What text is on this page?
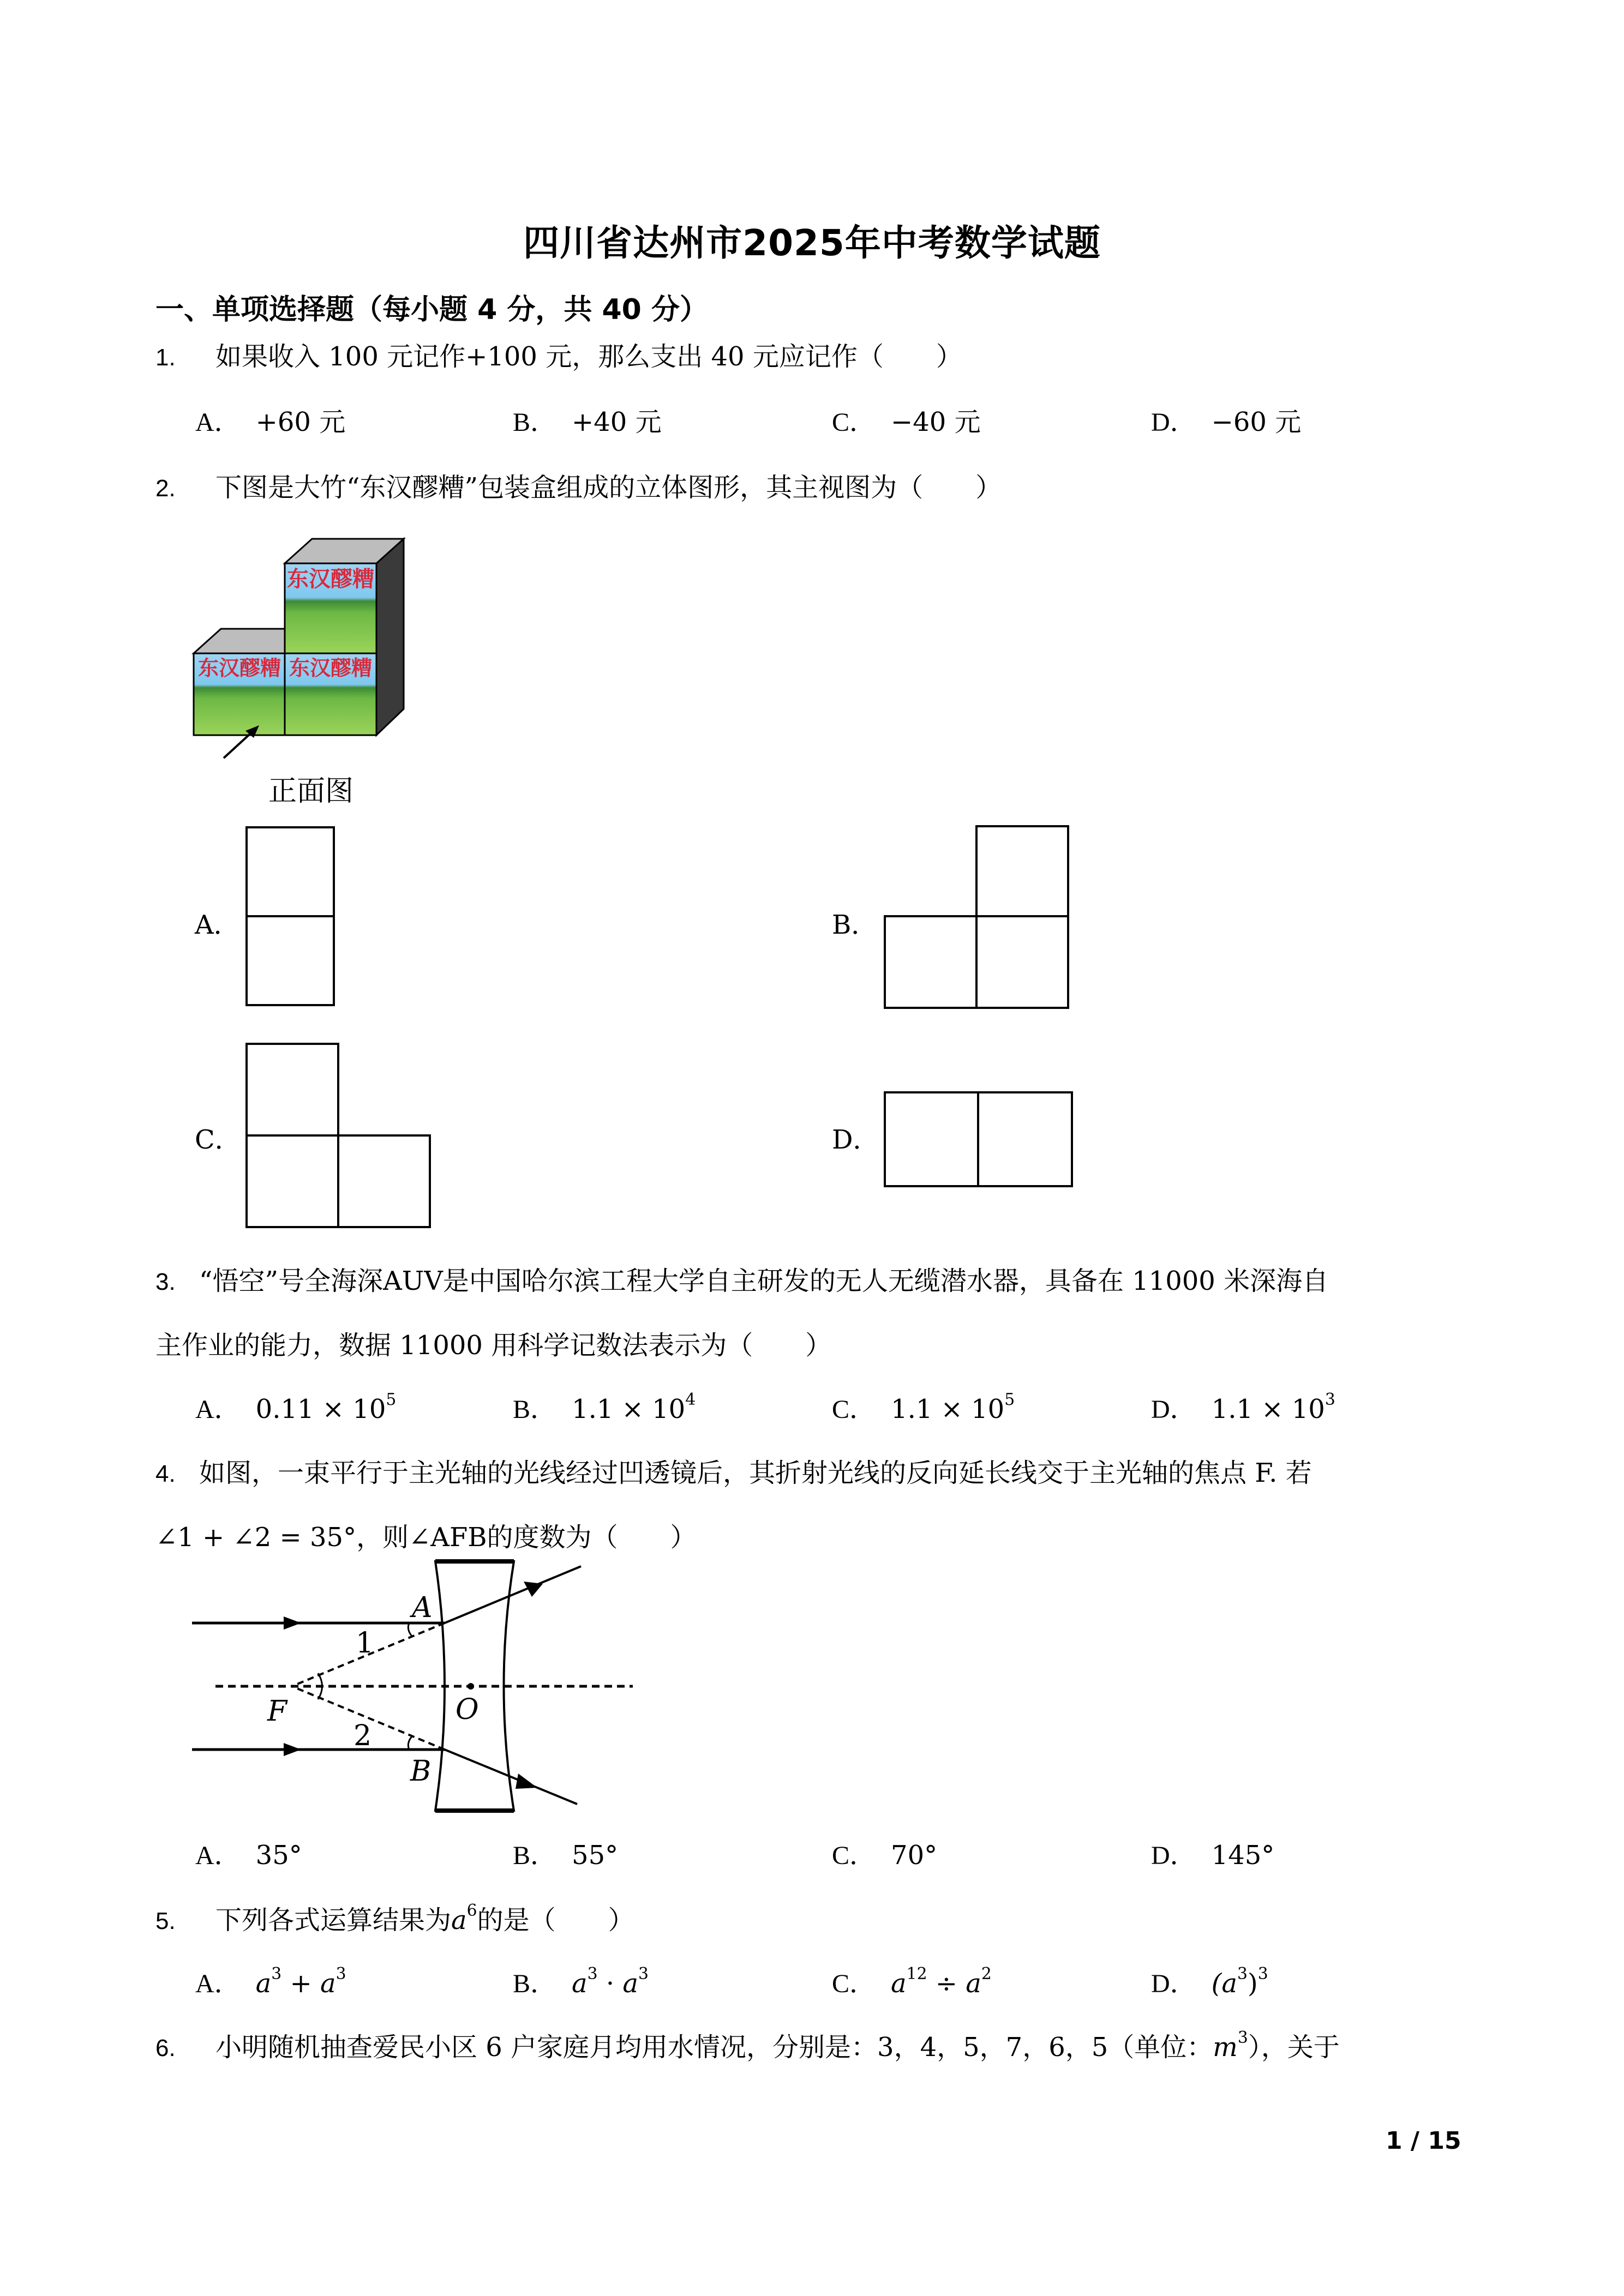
四川省达州市2025年中考数学试题
一、单项选择题（每小题 4 分，共 40 分）
1. 如果收入 100 元记作+100 元，那么支出 40 元应记作（　　）
A． +60 元	B． +40 元	C． −40 元	D． −60 元
2. 下图是大竹“东汉醪糟”包装盒组成的立体图形，其主视图为（　　）
东汉醪糟
东汉醪糟 东汉醪糟
正面图
A．	B．
C．	D．
3. “悟空”号全海深AUV是中国哈尔滨工程大学自主研发的无人无缆潜水器，具备在 11000 米深海自
主作业的能力，数据 11000 用科学记数法表示为（　　）
A． $0.11 \times 10^5$	B． $1.1 \times 10^4$	C． $1.1 \times 10^5$	D． $1.1 \times 10^3$
4. 如图，一束平行于主光轴的光线经过凹透镜后，其折射光线的反向延长线交于主光轴的焦点 F. 若
∠1 + ∠2 = 35°，则∠AFB的度数为（　　）
A
1
F	O
2
B
A． 35°	B． 55°	C． 70°	D． 145°
5. 下列各式运算结果为$a^6$的是（　　）
A． $a^3 + a^3$	B． $a^3 \cdot a^3$	C． $a^{12} \div a^2$	D． $(a^3)^3$
6. 小明随机抽查爱民小区 6 户家庭月均用水情况，分别是：3，4，5，7，6，5（单位：$m^3$），关于
1 / 15
